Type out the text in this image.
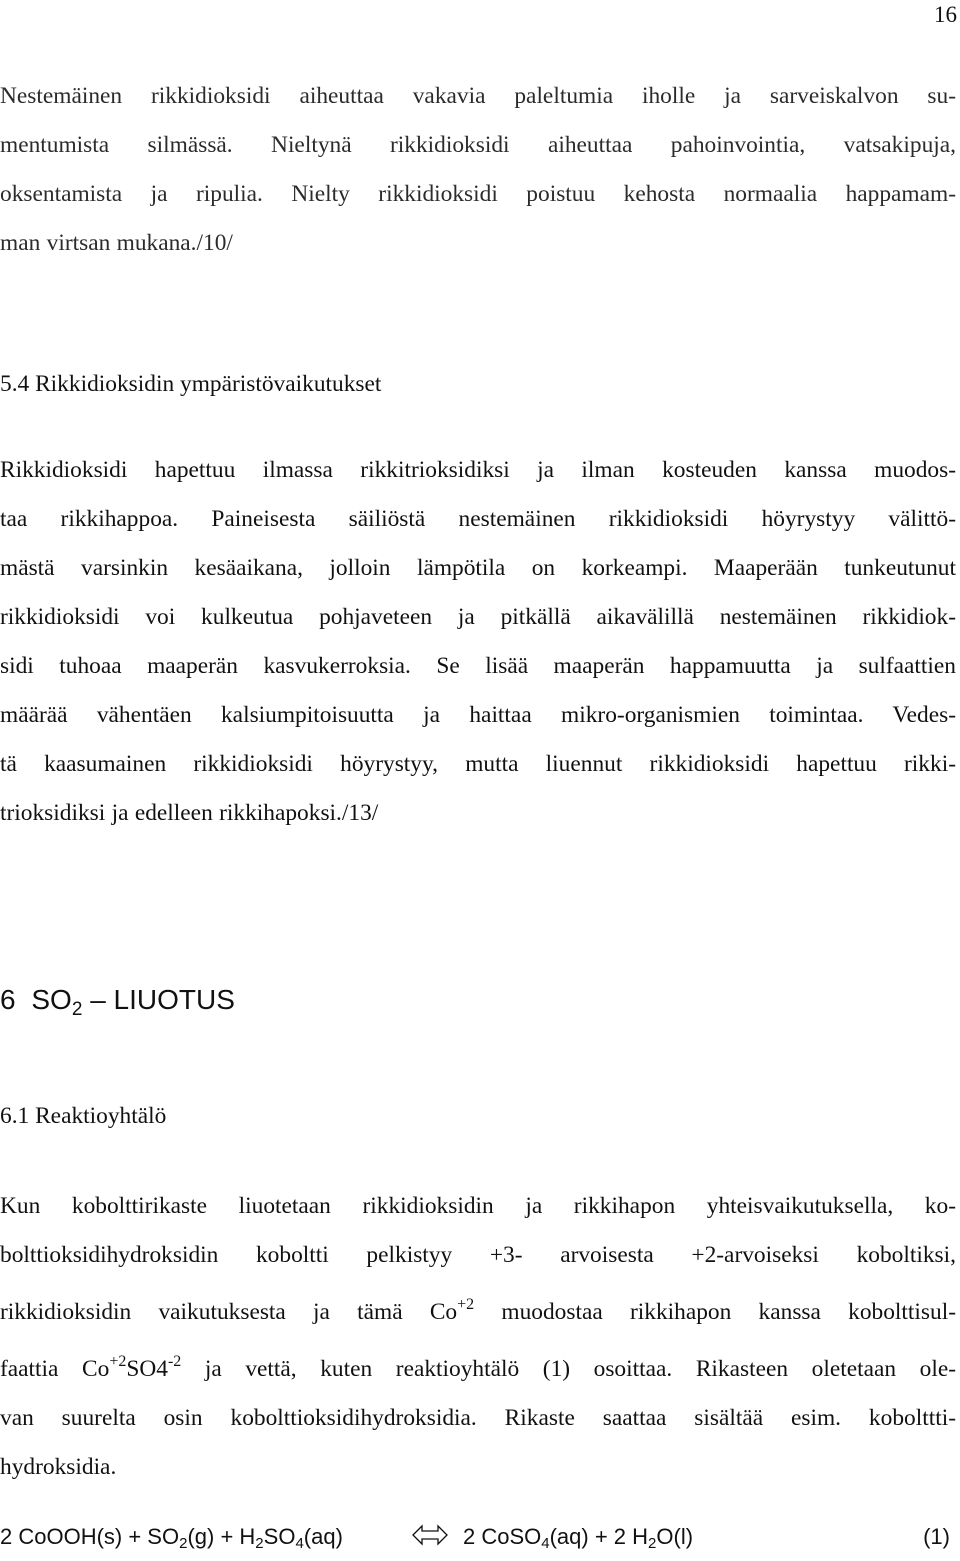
16

Nestemäinen rikkidioksidi aiheuttaa vakavia paleltumia iholle ja sarveiskalvon su-
mentumista silmässä. Nieltynä rikkidioksidi aiheuttaa pahoinvointia, vatsakipuja,
oksentamista ja ripulia. Nielty rikkidioksidi poistuu kehosta normaalia happamam-
man virtsan mukana./10/

5.4 Rikkidioksidin ympäristövaikutukset

Rikkidioksidi hapettuu ilmassa rikkitrioksidiksi ja ilman kosteuden kanssa muodos-
taa rikkihappoa. Paineisesta säiliöstä nestemäinen rikkidioksidi höyrystyy välittö-
mästä varsinkin kesäaikana, jolloin lämpötila on korkeampi. Maaperään tunkeutunut
rikkidioksidi voi kulkeutua pohjaveteen ja pitkällä aikavälillä nestemäinen rikkidiok-
sidi tuhoaa maaperän kasvukerroksia. Se lisää maaperän happamuutta ja sulfaattien
määrää vähentäen kalsiumpitoisuutta ja haittaa mikro-organismien toimintaa. Vedes-
tä kaasumainen rikkidioksidi höyrystyy, mutta liuennut rikkidioksidi hapettuu rikki-
trioksidiksi ja edelleen rikkihapoksi./13/

6 $SO_2$ – LIUOTUS
6.1 Reaktioyhtälö

Kun kobolttirikaste liuotetaan rikkidioksidin ja rikkihapon yhteisvaikutuksella, ko-
bolttioksidihydroksidin koboltti pelkistyy +3- arvoisesta +2-arvoiseksi koboltiksi,
rikkidioksidin vaikutuksesta ja tämä $Co^{+2}$ muodostaa rikkihapon kanssa kobolttisul-
faattia $Co^{+2}SO4^{-2}$ ja vettä, kuten reaktioyhtälö (1) osoittaa. Rikasteen oletetaan ole-
van suurelta osin kobolttioksidihydroksidia. Rikaste saattaa sisältää esim. kobolttti-
hydroksidia.

2 CoOOH(s) + $SO_2(g) + H_2SO_4(aq)$	2 CoSO$_4$(aq) + 2 $H_2O(l)$	(1)
